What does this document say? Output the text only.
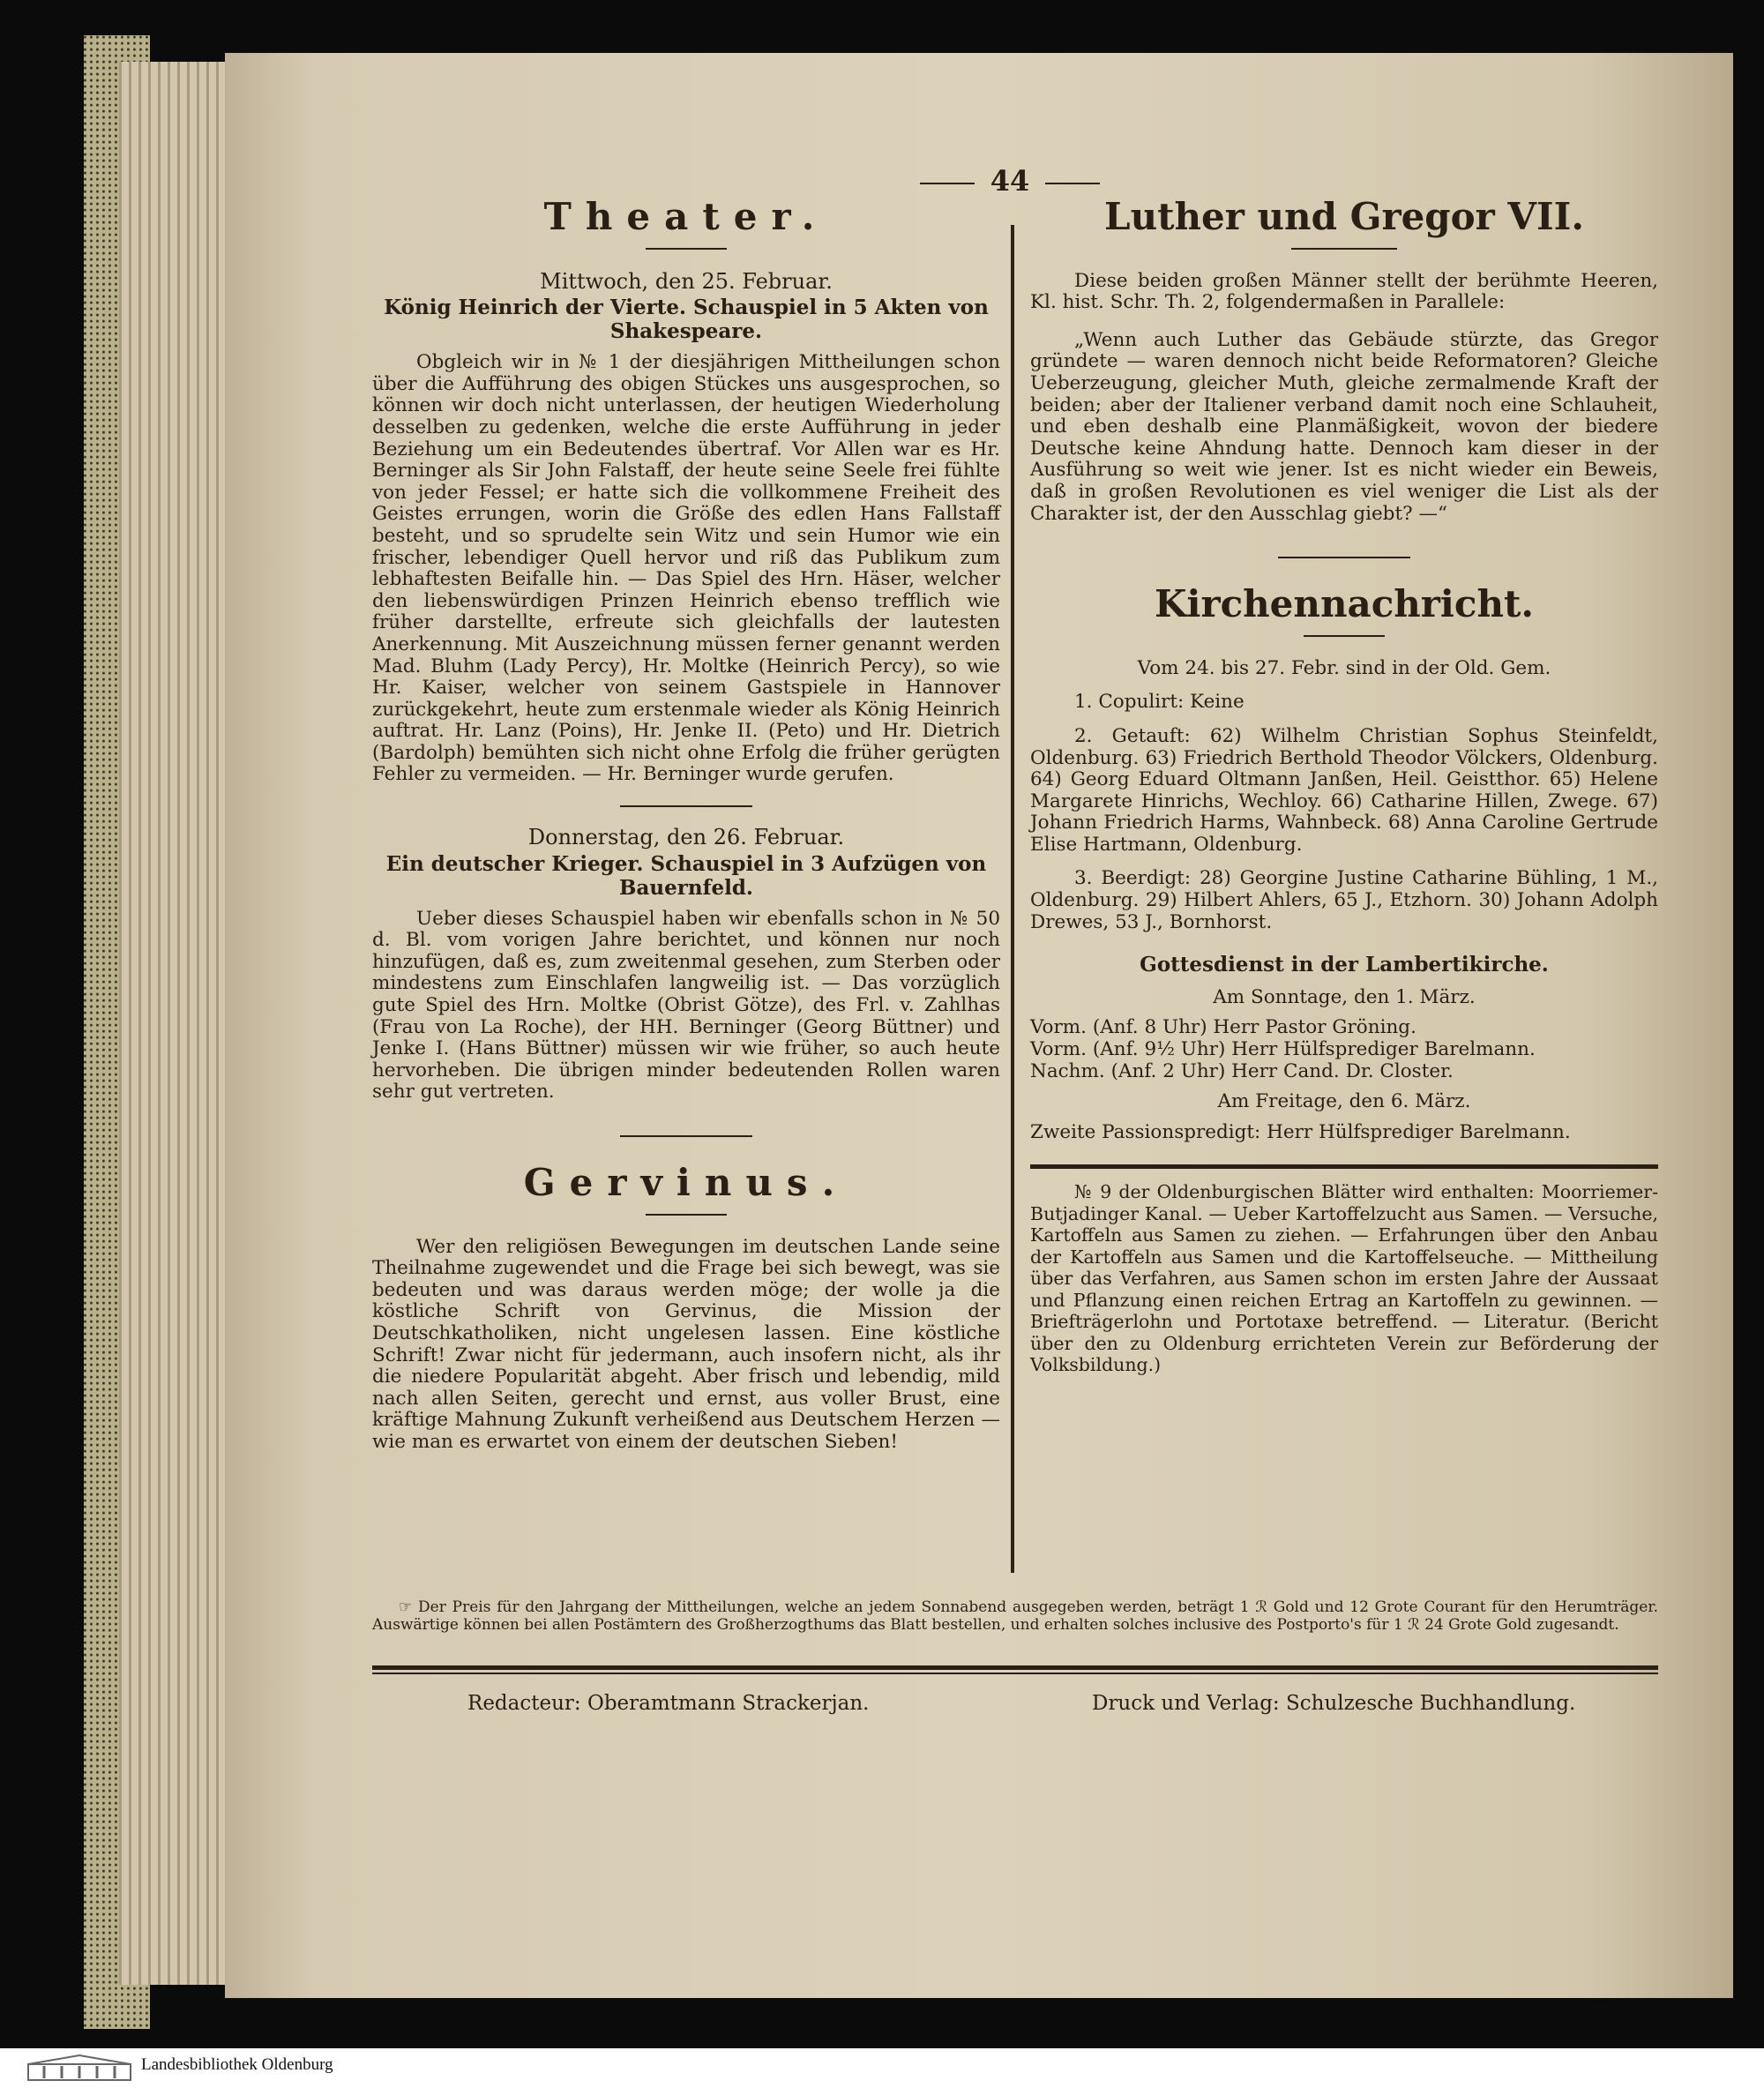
44
Theater.
Mittwoch, den 25. Februar.
König Heinrich der Vierte. Schauspiel in 5 Akten von Shakespeare.

Obgleich wir in № 1 der diesjährigen Mittheilungen schon über die Aufführung des obigen Stückes uns ausgesprochen, so können wir doch nicht unterlassen, der heutigen Wiederholung desselben zu gedenken, welche die erste Aufführung in jeder Beziehung um ein Bedeutendes übertraf. Vor Allen war es Hr. Berninger als Sir John Falstaff, der heute seine Seele frei fühlte von jeder Fessel; er hatte sich die vollkommene Freiheit des Geistes errungen, worin die Größe des edlen Hans Fallstaff besteht, und so sprudelte sein Witz und sein Humor wie ein frischer, lebendiger Quell hervor und riß das Publikum zum lebhaftesten Beifalle hin. — Das Spiel des Hrn. Häser, welcher den liebenswürdigen Prinzen Heinrich ebenso trefflich wie früher darstellte, erfreute sich gleichfalls der lautesten Anerkennung. Mit Auszeichnung müssen ferner genannt werden Mad. Bluhm (Lady Percy), Hr. Moltke (Heinrich Percy), so wie Hr. Kaiser, welcher von seinem Gastspiele in Hannover zurückgekehrt, heute zum erstenmale wieder als König Heinrich auftrat. Hr. Lanz (Poins), Hr. Jenke II. (Peto) und Hr. Dietrich (Bardolph) bemühten sich nicht ohne Erfolg die früher gerügten Fehler zu vermeiden. — Hr. Berninger wurde gerufen.

Donnerstag, den 26. Februar.
Ein deutscher Krieger. Schauspiel in 3 Aufzügen von Bauernfeld.

Ueber dieses Schauspiel haben wir ebenfalls schon in № 50 d. Bl. vom vorigen Jahre berichtet, und können nur noch hinzufügen, daß es, zum zweitenmal gesehen, zum Sterben oder mindestens zum Einschlafen langweilig ist. — Das vorzüglich gute Spiel des Hrn. Moltke (Obrist Götze), des Frl. v. Zahlhas (Frau von La Roche), der HH. Berninger (Georg Büttner) und Jenke I. (Hans Büttner) müssen wir wie früher, so auch heute hervorheben. Die übrigen minder bedeutenden Rollen waren sehr gut vertreten.

Gervinus.

Wer den religiösen Bewegungen im deutschen Lande seine Theilnahme zugewendet und die Frage bei sich bewegt, was sie bedeuten und was daraus werden möge; der wolle ja die köstliche Schrift von Gervinus, die Mission der Deutschkatholiken, nicht ungelesen lassen. Eine köstliche Schrift! Zwar nicht für jedermann, auch insofern nicht, als ihr die niedere Popularität abgeht. Aber frisch und lebendig, mild nach allen Seiten, gerecht und ernst, aus voller Brust, eine kräftige Mahnung Zukunft verheißend aus Deutschem Herzen — wie man es erwartet von einem der deutschen Sieben!

Luther und Gregor VII.

Diese beiden großen Männer stellt der berühmte Heeren, Kl. hist. Schr. Th. 2, folgendermaßen in Parallele:

„Wenn auch Luther das Gebäude stürzte, das Gregor gründete — waren dennoch nicht beide Reformatoren? Gleiche Ueberzeugung, gleicher Muth, gleiche zermalmende Kraft der beiden; aber der Italiener verband damit noch eine Schlauheit, und eben deshalb eine Planmäßigkeit, wovon der biedere Deutsche keine Ahndung hatte. Dennoch kam dieser in der Ausführung so weit wie jener. Ist es nicht wieder ein Beweis, daß in großen Revolutionen es viel weniger die List als der Charakter ist, der den Ausschlag giebt? —“

Kirchennachricht.

Vom 24. bis 27. Febr. sind in der Old. Gem.

1. Copulirt: Keine

2. Getauft: 62) Wilhelm Christian Sophus Steinfeldt, Oldenburg. 63) Friedrich Berthold Theodor Völckers, Oldenburg. 64) Georg Eduard Oltmann Janßen, Heil. Geistthor. 65) Helene Margarete Hinrichs, Wechloy. 66) Catharine Hillen, Zwege. 67) Johann Friedrich Harms, Wahnbeck. 68) Anna Caroline Gertrude Elise Hartmann, Oldenburg.

3. Beerdigt: 28) Georgine Justine Catharine Bühling, 1 M., Oldenburg. 29) Hilbert Ahlers, 65 J., Etzhorn. 30) Johann Adolph Drewes, 53 J., Bornhorst.

Gottesdienst in der Lambertikirche.

Am Sonntage, den 1. März.

Vorm. (Anf. 8 Uhr) Herr Pastor Gröning.

Vorm. (Anf. 9½ Uhr) Herr Hülfsprediger Barelmann.

Nachm. (Anf. 2 Uhr) Herr Cand. Dr. Closter.

Am Freitage, den 6. März.

Zweite Passionspredigt: Herr Hülfsprediger Barelmann.

№ 9 der Oldenburgischen Blätter wird enthalten: Moorriemer-Butjadinger Kanal. — Ueber Kartoffelzucht aus Samen. — Versuche, Kartoffeln aus Samen zu ziehen. — Erfahrungen über den Anbau der Kartoffeln aus Samen und die Kartoffelseuche. — Mittheilung über das Verfahren, aus Samen schon im ersten Jahre der Aussaat und Pflanzung einen reichen Ertrag an Kartoffeln zu gewinnen. — Briefträgerlohn und Portotaxe betreffend. — Literatur. (Bericht über den zu Oldenburg errichteten Verein zur Beförderung der Volksbildung.)

☞ Der Preis für den Jahrgang der Mittheilungen, welche an jedem Sonnabend ausgegeben werden, beträgt 1 ℛ Gold und 12 Grote Courant für den Herumträger. Auswärtige können bei allen Postämtern des Großherzogthums das Blatt bestellen, und erhalten solches inclusive des Postporto's für 1 ℛ 24 Grote Gold zugesandt.
Redacteur: Oberamtmann Strackerjan.	Druck und Verlag: Schulzesche Buchhandlung.
Landesbibliothek Oldenburg
